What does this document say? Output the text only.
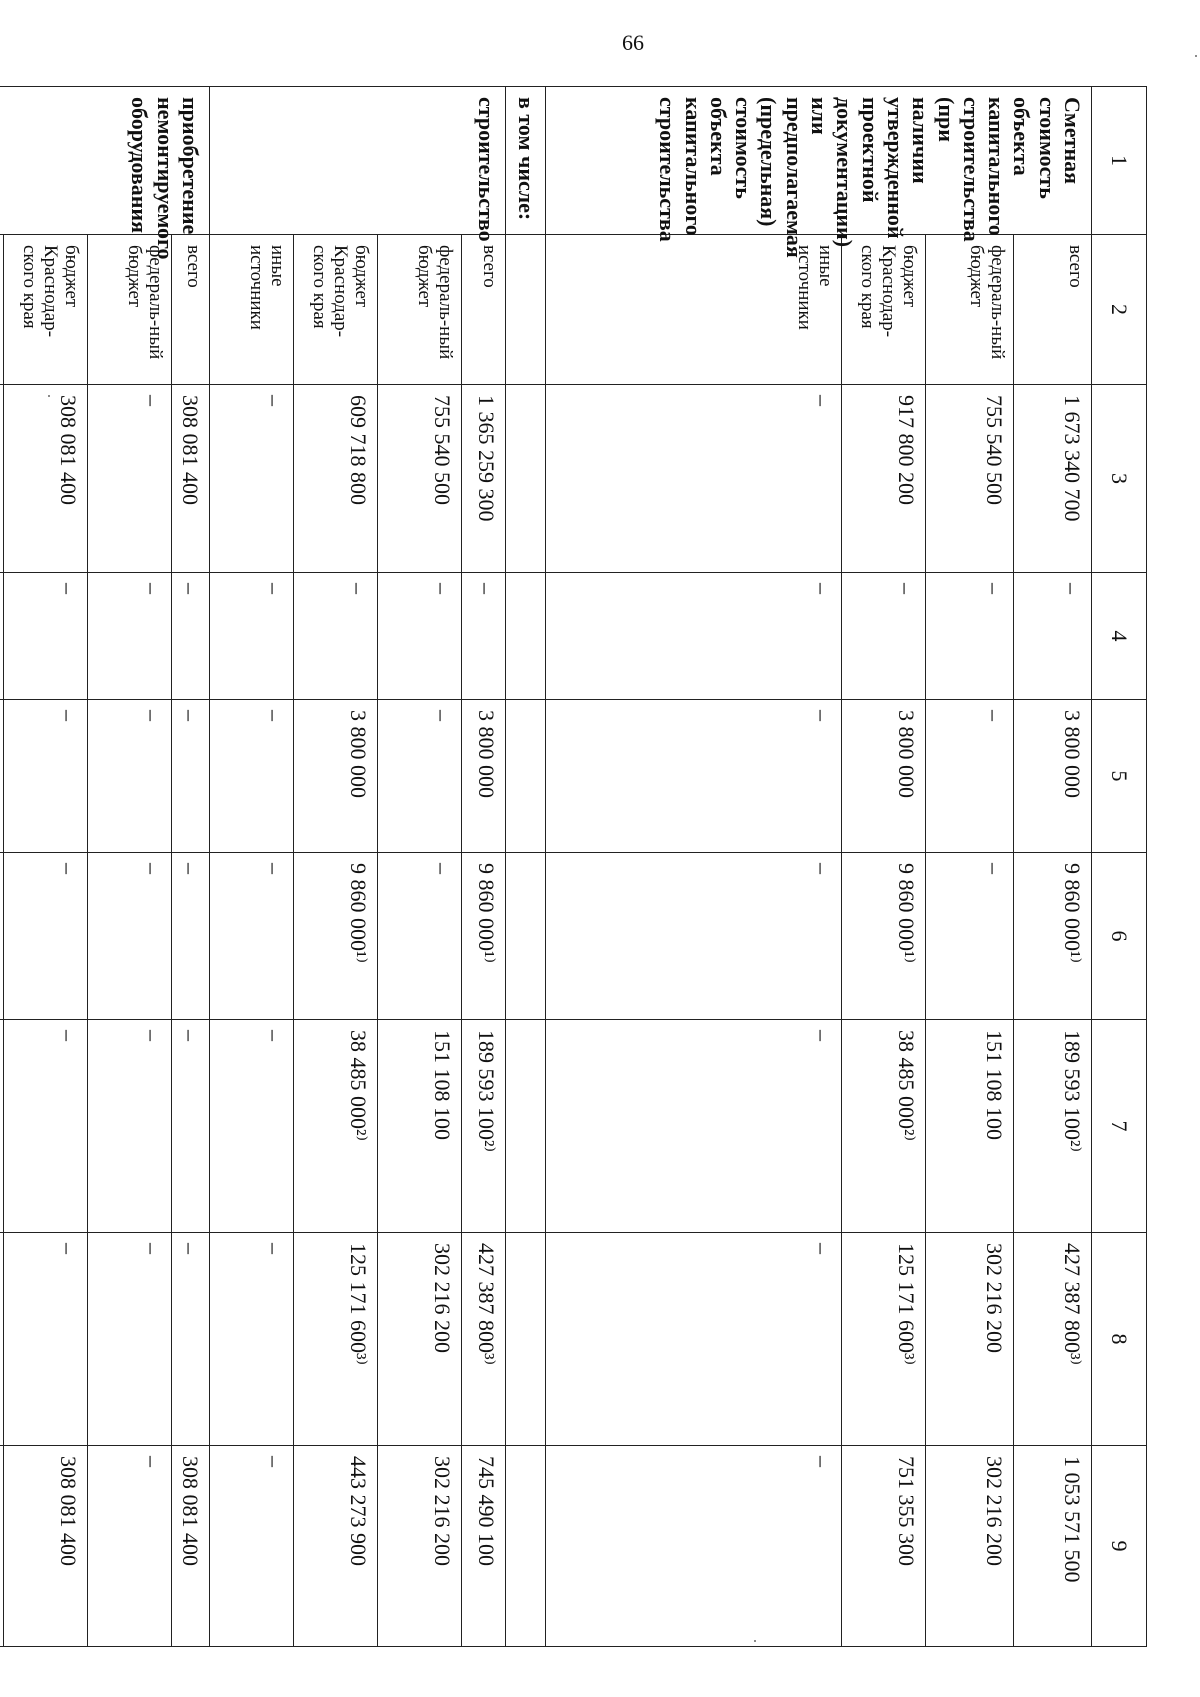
66
1	2	3	4	5	6	7	8	9
Сметная стоимость объекта капитального строительства (при наличии утвержденной проектной документации) или предполагаемая (предельная) стоимость объекта капитального строительства	всего	1 673 340 700	–	3 800 000	9 860 000¹⁾	189 593 100²⁾	427 387 800³⁾	1 053 571 500
	федераль-ный бюджет	755 540 500	–	–	–	151 108 100	302 216 200	302 216 200
	бюджет Краснодар-ского края	917 800 200	–	3 800 000	9 860 000¹⁾	38 485 000²⁾	125 171 600³⁾	751 355 300
	иные источники	–	–	–	–	–	–	–
в том числе:								
строительство	всего	1 365 259 300	–	3 800 000	9 860 000¹⁾	189 593 100²⁾	427 387 800³⁾	745 490 100
	федераль-ный бюджет	755 540 500	–	–	–	151 108 100	302 216 200	302 216 200
	бюджет Краснодар-ского края	609 718 800	–	3 800 000	9 860 000¹⁾	38 485 000²⁾	125 171 600³⁾	443 273 900
	иные источники	–	–	–	–	–	–	–
приобретение немонтируемого оборудования	всего	308 081 400	–	–	–	–	–	308 081 400
	федераль-ный бюджет	–	–	–	–	–	–	–
	бюджет Краснодар-ского края	308 081 400	–	–	–	–	–	308 081 400
